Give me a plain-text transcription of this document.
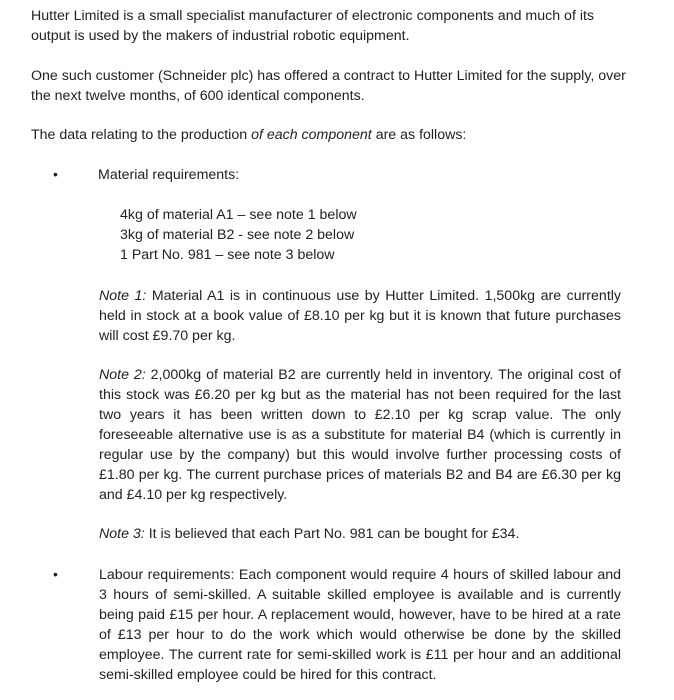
Hutter Limited is a small specialist manufacturer of electronic components and much of its output is used by the makers of industrial robotic equipment.

One such customer (Schneider plc) has offered a contract to Hutter Limited for the supply, over the next twelve months, of 600 identical components.

The data relating to the production of each component are as follows:

•	Material requirements:

4kg of material A1 – see note 1 below
3kg of material B2 - see note 2 below
1 Part No. 981 – see note 3 below

Note 1: Material A1 is in continuous use by Hutter Limited. 1,500kg are currently held in stock at a book value of £8.10 per kg but it is known that future purchases will cost £9.70 per kg.

Note 2: 2,000kg of material B2 are currently held in inventory. The original cost of this stock was £6.20 per kg but as the material has not been required for the last two years it has been written down to £2.10 per kg scrap value. The only foreseeable alternative use is as a substitute for material B4 (which is currently in regular use by the company) but this would involve further processing costs of £1.80 per kg. The current purchase prices of materials B2 and B4 are £6.30 per kg and £4.10 per kg respectively.

Note 3: It is believed that each Part No. 981 can be bought for £34.

•	Labour requirements: Each component would require 4 hours of skilled labour and 3 hours of semi-skilled. A suitable skilled employee is available and is currently being paid £15 per hour. A replacement would, however, have to be hired at a rate of £13 per hour to do the work which would otherwise be done by the skilled employee. The current rate for semi-skilled work is £11 per hour and an additional semi-skilled employee could be hired for this contract.
